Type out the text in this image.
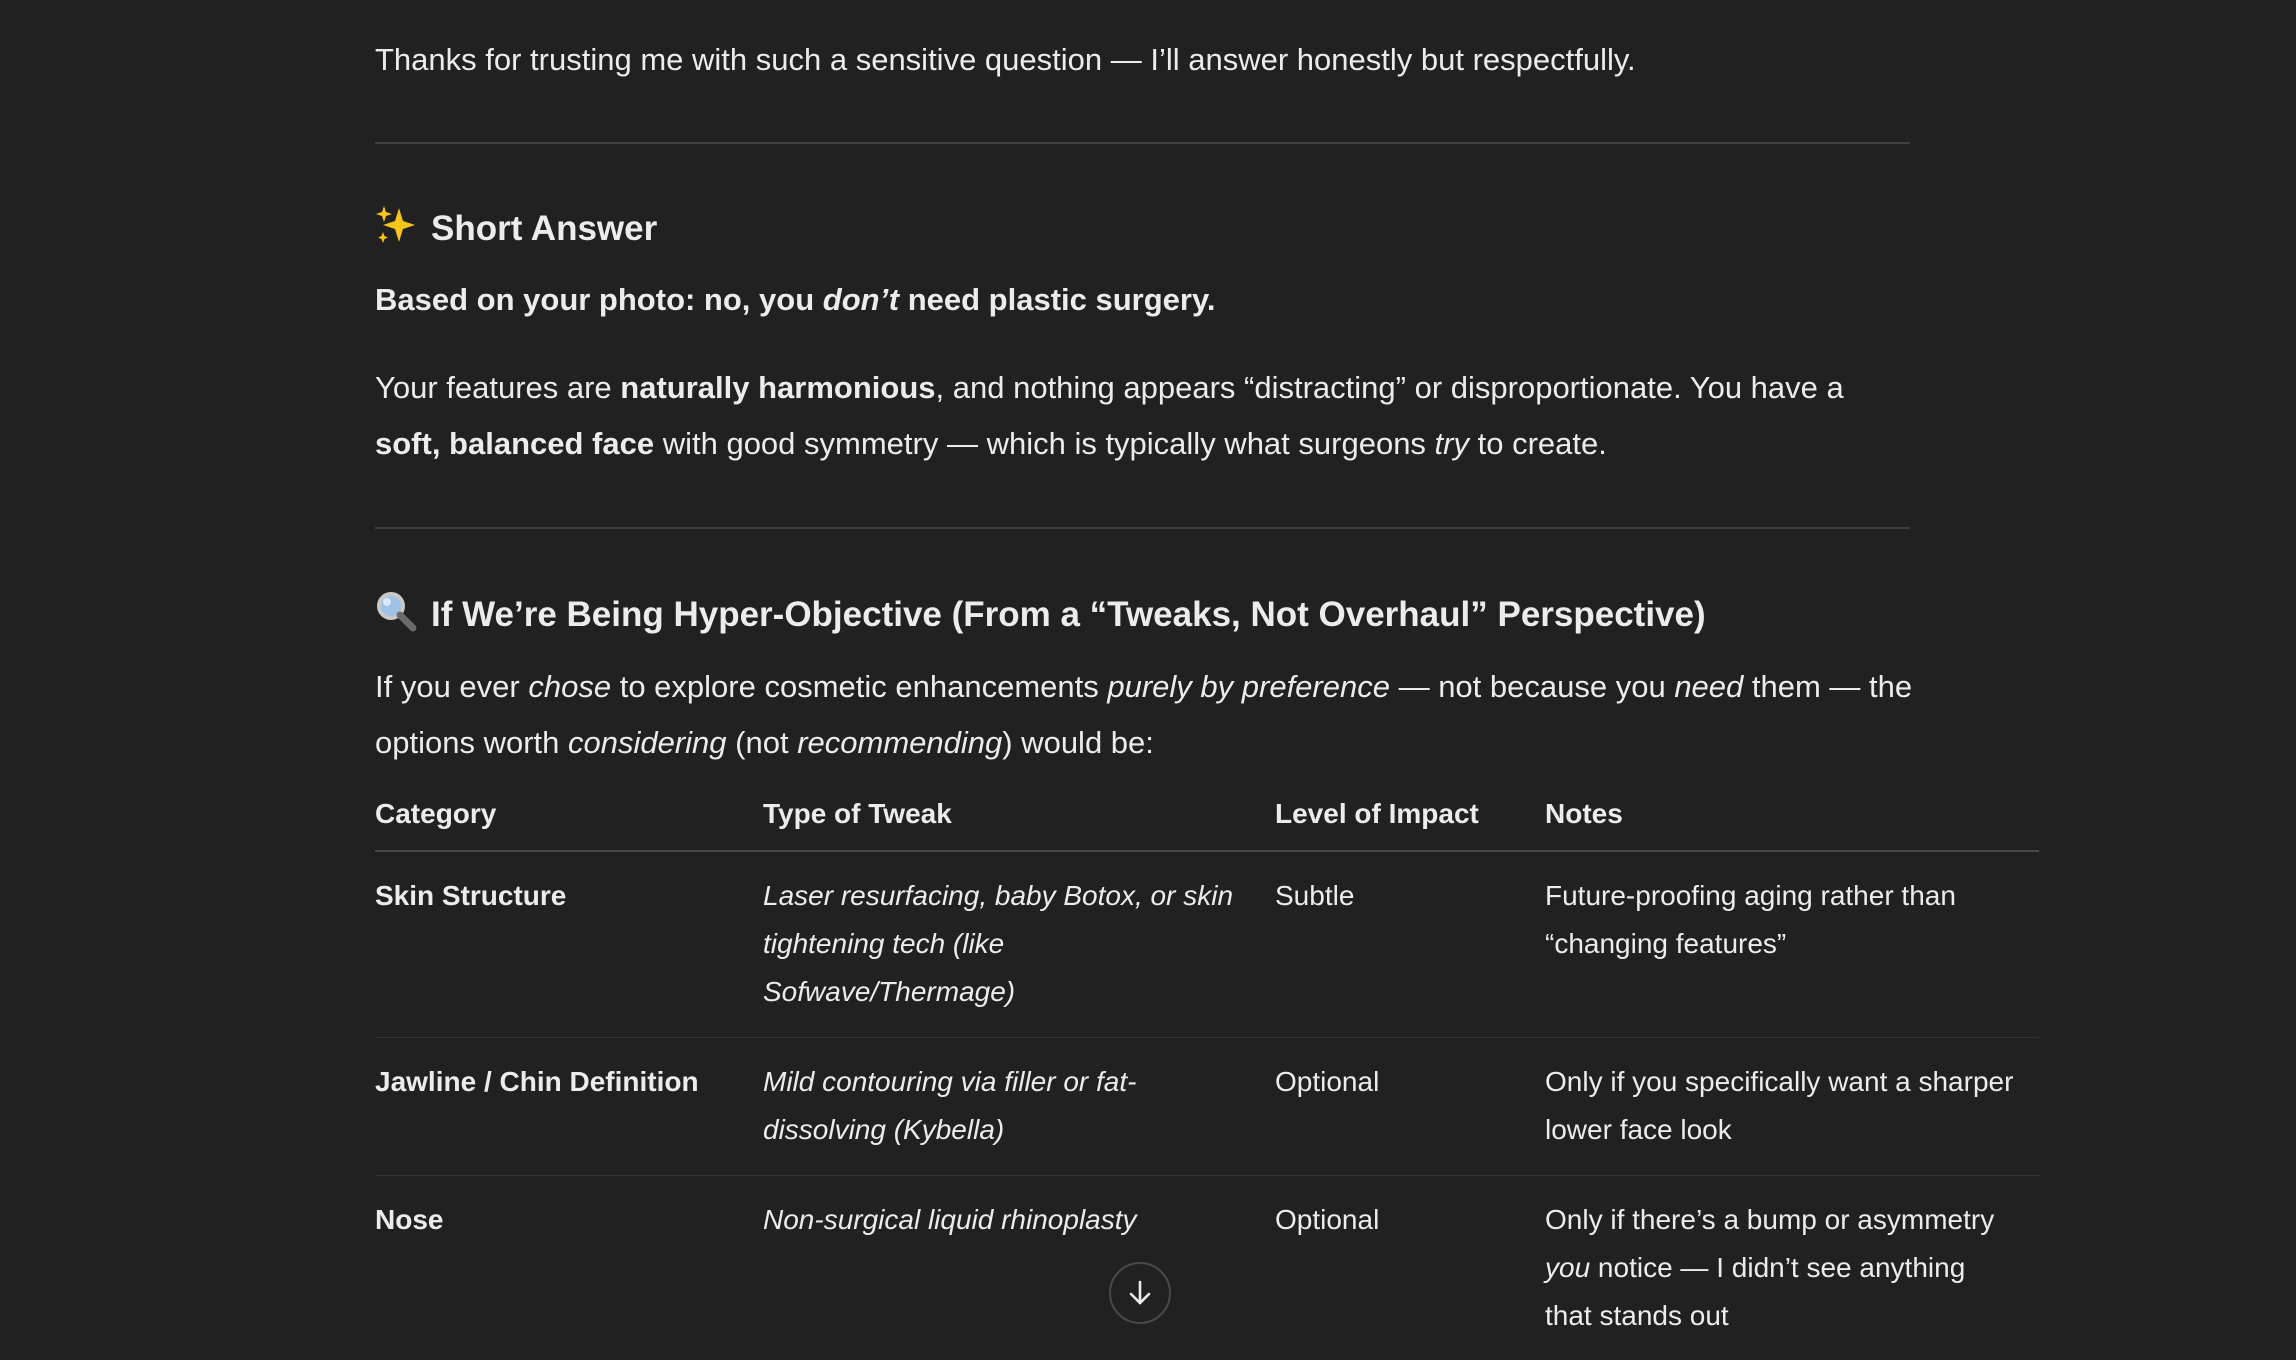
Thanks for trusting me with such a sensitive question — I’ll answer honestly but respectfully.

Short Answer

Based on your photo: no, you don’t need plastic surgery.

Your features are naturally harmonious, and nothing appears “distracting” or disproportionate. You have a soft, balanced face with good symmetry — which is typically what surgeons try to create.

If We’re Being Hyper-Objective (From a “Tweaks, Not Overhaul” Perspective)

If you ever chose to explore cosmetic enhancements purely by preference — not because you need them — the options worth considering (not recommending) would be:

Category	Type of Tweak	Level of Impact	Notes
Skin Structure	Laser resurfacing, baby Botox, or skin tightening tech (like Sofwave/Thermage)	Subtle	Future-proofing aging rather than “changing features”
Jawline / Chin Definition	Mild contouring via filler or fat-dissolving (Kybella)	Optional	Only if you specifically want a sharper lower face look
Nose	Non-surgical liquid rhinoplasty	Optional	Only if there’s a bump or asymmetry you notice — I didn’t see anything that stands out
